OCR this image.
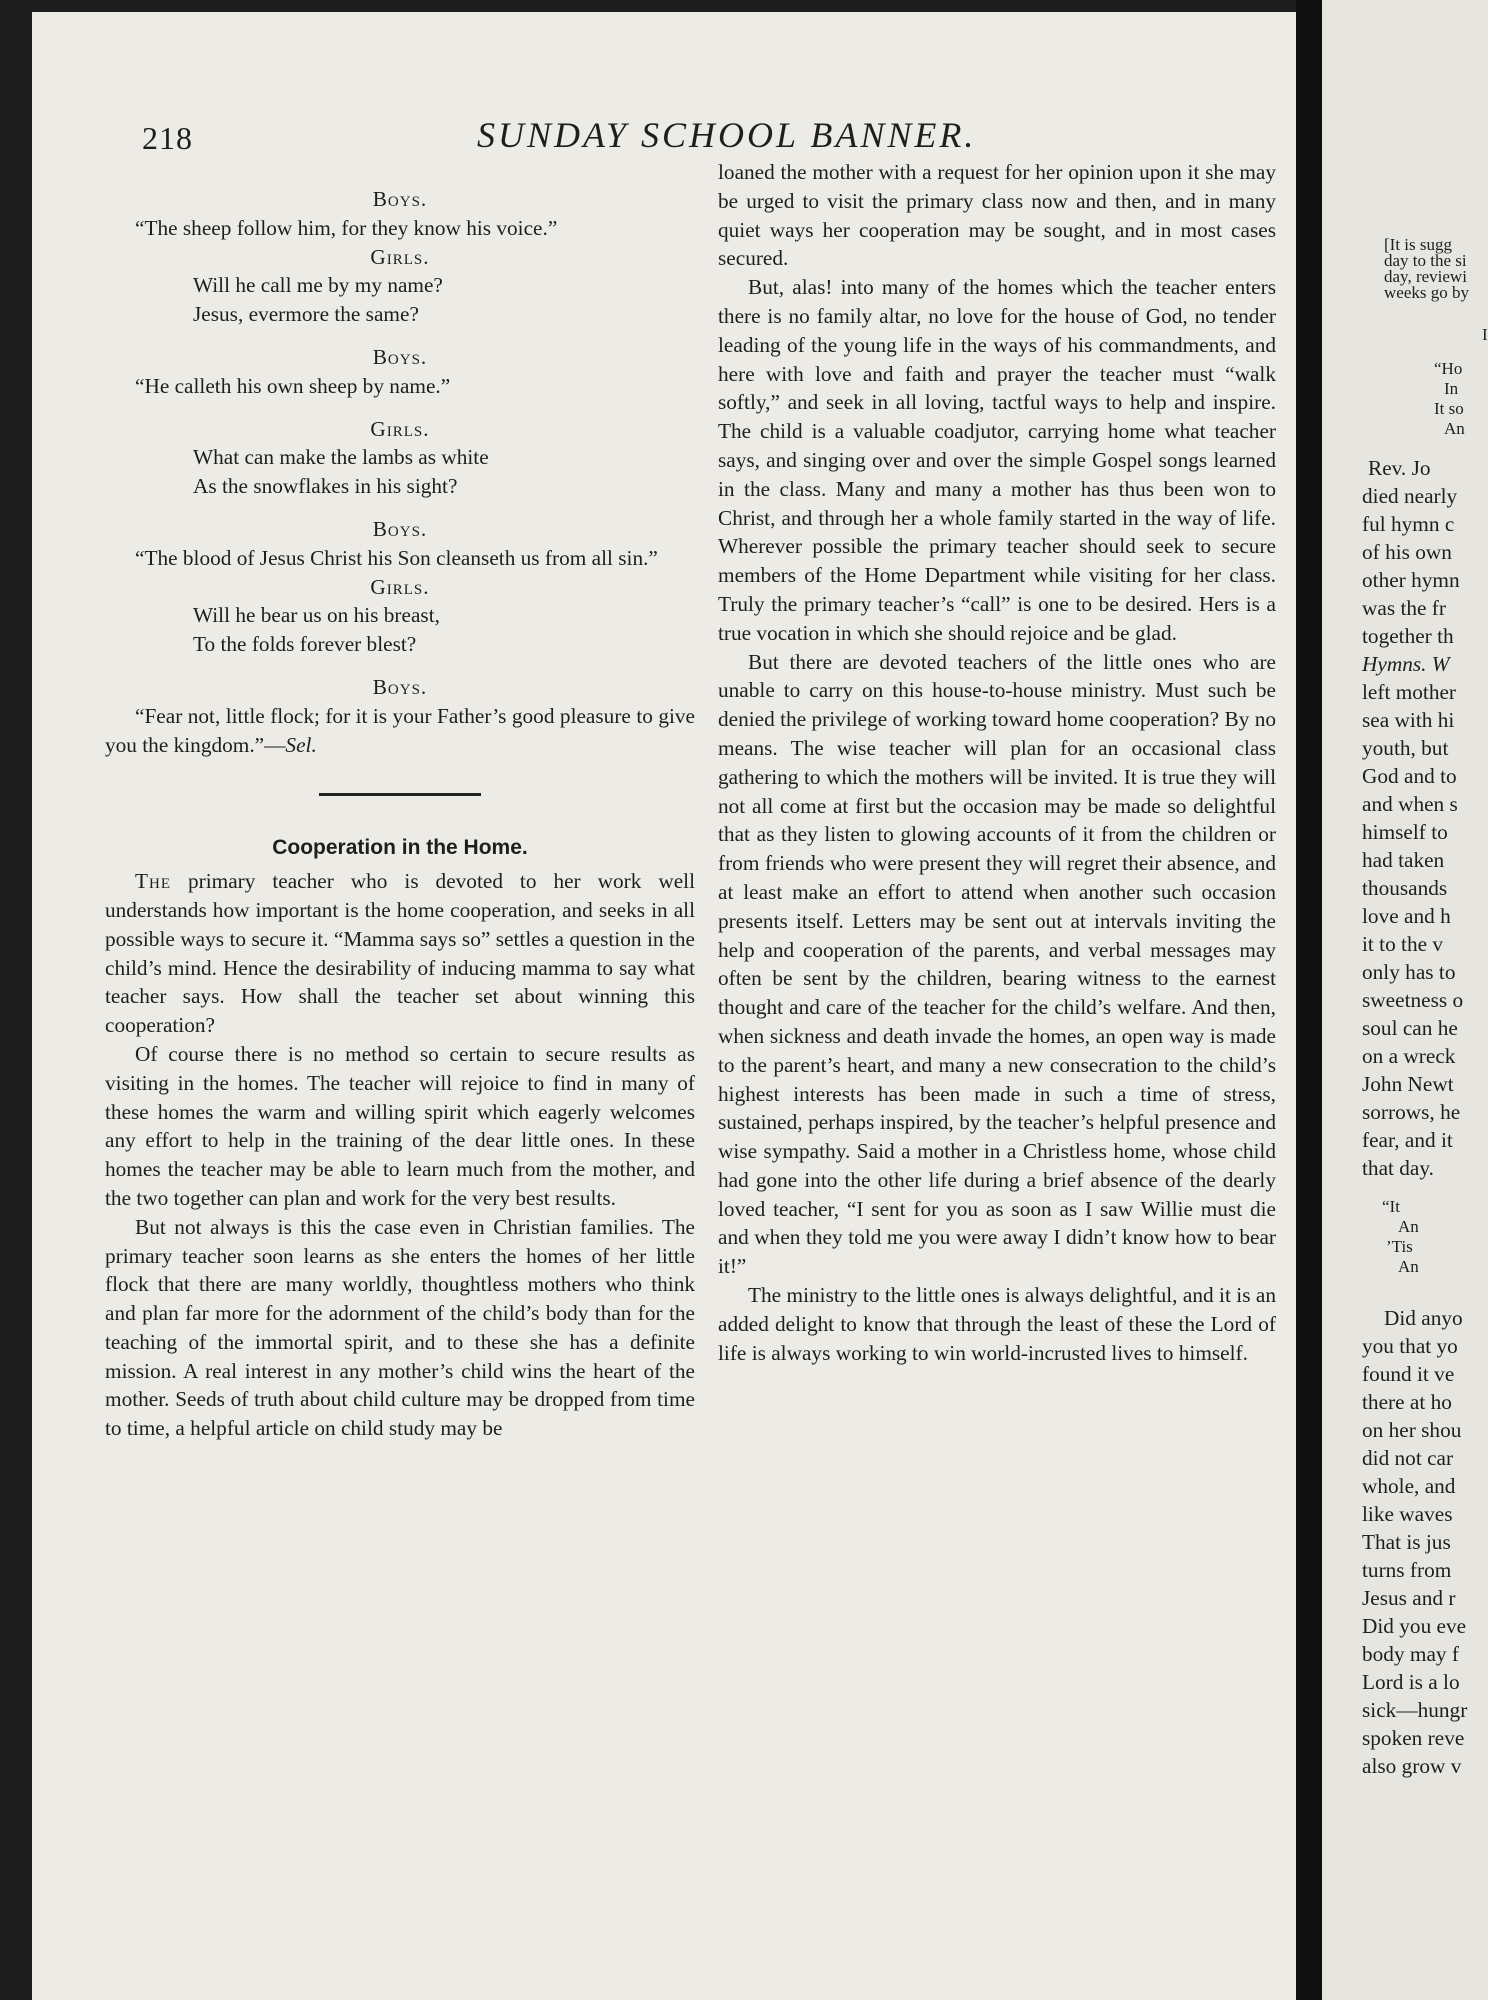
218	SUNDAY SCHOOL BANNER.
Boys.
“The sheep follow him, for they know his voice.”
Girls.
Will he call me by my name?
Jesus, evermore the same?
Boys.
“He calleth his own sheep by name.”
Girls.
What can make the lambs as white
As the snowflakes in his sight?
Boys.
“The blood of Jesus Christ his Son cleanseth us from all sin.”
Girls.
Will he bear us on his breast,
To the folds forever blest?
Boys.
“Fear not, little flock; for it is your Father’s good pleasure to give you the kingdom.”—Sel.
Cooperation in the Home.

The primary teacher who is devoted to her work well understands how important is the home cooperation, and seeks in all possible ways to secure it. “Mamma says so” settles a question in the child’s mind. Hence the desirability of inducing mamma to say what teacher says. How shall the teacher set about winning this cooperation?

Of course there is no method so certain to secure results as visiting in the homes. The teacher will rejoice to find in many of these homes the warm and willing spirit which eagerly welcomes any effort to help in the training of the dear little ones. In these homes the teacher may be able to learn much from the mother, and the two together can plan and work for the very best results.

But not always is this the case even in Christian families. The primary teacher soon learns as she enters the homes of her little flock that there are many worldly, thoughtless mothers who think and plan far more for the adornment of the child’s body than for the teaching of the immortal spirit, and to these she has a definite mission. A real interest in any mother’s child wins the heart of the mother. Seeds of truth about child culture may be dropped from time to time, a helpful article on child study may be

loaned the mother with a request for her opinion upon it she may be urged to visit the primary class now and then, and in many quiet ways her cooperation may be sought, and in most cases secured.

But, alas! into many of the homes which the teacher enters there is no family altar, no love for the house of God, no tender leading of the young life in the ways of his commandments, and here with love and faith and prayer the teacher must “walk softly,” and seek in all loving, tactful ways to help and inspire. The child is a valuable coadjutor, carrying home what teacher says, and singing over and over the simple Gospel songs learned in the class. Many and many a mother has thus been won to Christ, and through her a whole family started in the way of life. Wherever possible the primary teacher should seek to secure members of the Home Department while visiting for her class. Truly the primary teacher’s “call” is one to be desired. Hers is a true vocation in which she should rejoice and be glad.

But there are devoted teachers of the little ones who are unable to carry on this house-to-house ministry. Must such be denied the privilege of working toward home cooperation? By no means. The wise teacher will plan for an occasional class gathering to which the mothers will be invited. It is true they will not all come at first but the occasion may be made so delightful that as they listen to glowing accounts of it from the children or from friends who were present they will regret their absence, and at least make an effort to attend when another such occasion presents itself. Letters may be sent out at intervals inviting the help and cooperation of the parents, and verbal messages may often be sent by the children, bearing witness to the earnest thought and care of the teacher for the child’s welfare. And then, when sickness and death invade the homes, an open way is made to the parent’s heart, and many a new consecration to the child’s highest interests has been made in such a time of stress, sustained, perhaps inspired, by the teacher’s helpful presence and wise sympathy. Said a mother in a Christless home, whose child had gone into the other life during a brief absence of the dearly loved teacher, “I sent for you as soon as I saw Willie must die and when they told me you were away I didn’t know how to bear it!”

The ministry to the little ones is always delightful, and it is an added delight to know that through the least of these the Lord of life is always working to win world-incrusted lives to himself.

[It is sugg
day to the si
day, reviewi
weeks go by
I
“Ho
In
It so
An
Rev. Jo
died nearly
ful hymn c
of his own
other hymn
was the fr
together th
Hymns. W
left mother
sea with hi
youth, but
God and to
and when s
himself to
had taken
thousands
love and h
it to the v
only has to
sweetness o
soul can he
on a wreck
John Newt
sorrows, he
fear, and it
that day.
“It
An
’Tis
An
Did anyo
you that yo
found it ve
there at ho
on her shou
did not car
whole, and
like waves
That is jus
turns from
Jesus and r
Did you eve
body may f
Lord is a lo
sick—hungr
spoken reve
also grow v
